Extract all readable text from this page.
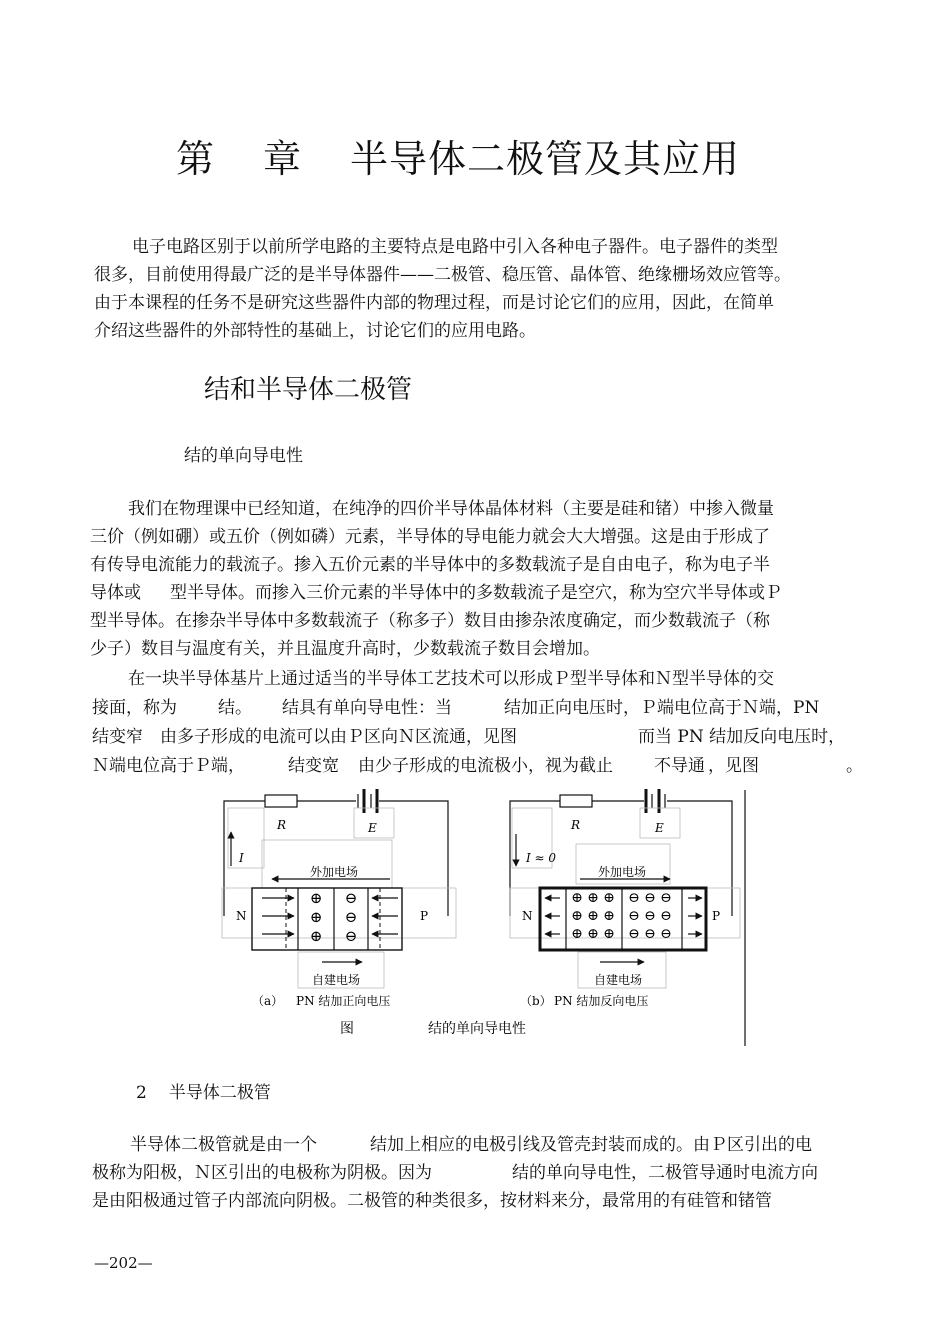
第 章 半导体二极管及其应用
电子电路区别于以前所学电路的主要特点是电路中引入各种电子器件。电子器件的类型
很多，目前使用得最广泛的是半导体器件——二极管、稳压管、晶体管、绝缘栅场效应管等。
由于本课程的任务不是研究这些器件内部的物理过程，而是讨论它们的应用，因此，在简单
介绍这些器件的外部特性的基础上，讨论它们的应用电路。
结和半导体二极管
结的单向导电性
我们在物理课中已经知道，在纯净的四价半导体晶体材料（主要是硅和锗）中掺入微量
三价（例如硼）或五价（例如磷）元素，半导体的导电能力就会大大增强。这是由于形成了
有传导电流能力的载流子。掺入五价元素的半导体中的多数载流子是自由电子，称为电子半
导体或 型半导体。而掺入三价元素的半导体中的多数载流子是空穴，称为空穴半导体或Ｐ
型半导体。在掺杂半导体中多数载流子（称多子）数目由掺杂浓度确定，而少数载流子（称
少子）数目与温度有关，并且温度升高时，少数载流子数目会增加。
在一块半导体基片上通过适当的半导体工艺技术可以形成Ｐ型半导体和Ｎ型半导体的交
接面，称为 结。 结具有单向导电性：当	结加正向电压时，Ｐ端电位高于Ｎ端，PN
结变窄 由多子形成的电流可以由Ｐ区向Ｎ区流通，见图	而当 PN 结加反向电压时，
Ｎ端电位高于Ｐ端，	结变宽 由少子形成的电流极小，视为截止 不导通 ，见图	。
R	E
I
外加电场
⊕
⊕
⊕
⊖
⊖
⊖
N	P
自建电场
（a） PN 结加正向电压
R	E
I ≈ 0
外加电场
⊕ ⊕ ⊕
⊕ ⊕ ⊕
⊕ ⊕ ⊕
⊖ ⊖ ⊖
⊖ ⊖ ⊖
⊖ ⊖ ⊖
N	P
自建电场
（b） PN 结加反向电压
图	结的单向导电性
2 半导体二极管
半导体二极管就是由一个	结加上相应的电极引线及管壳封装而成的。由Ｐ区引出的电
极称为阳极，Ｎ区引出的电极称为阴极。因为	结的单向导电性，二极管导通时电流方向
是由阳极通过管子内部流向阴极。二极管的种类很多，按材料来分，最常用的有硅管和锗管
—202—
